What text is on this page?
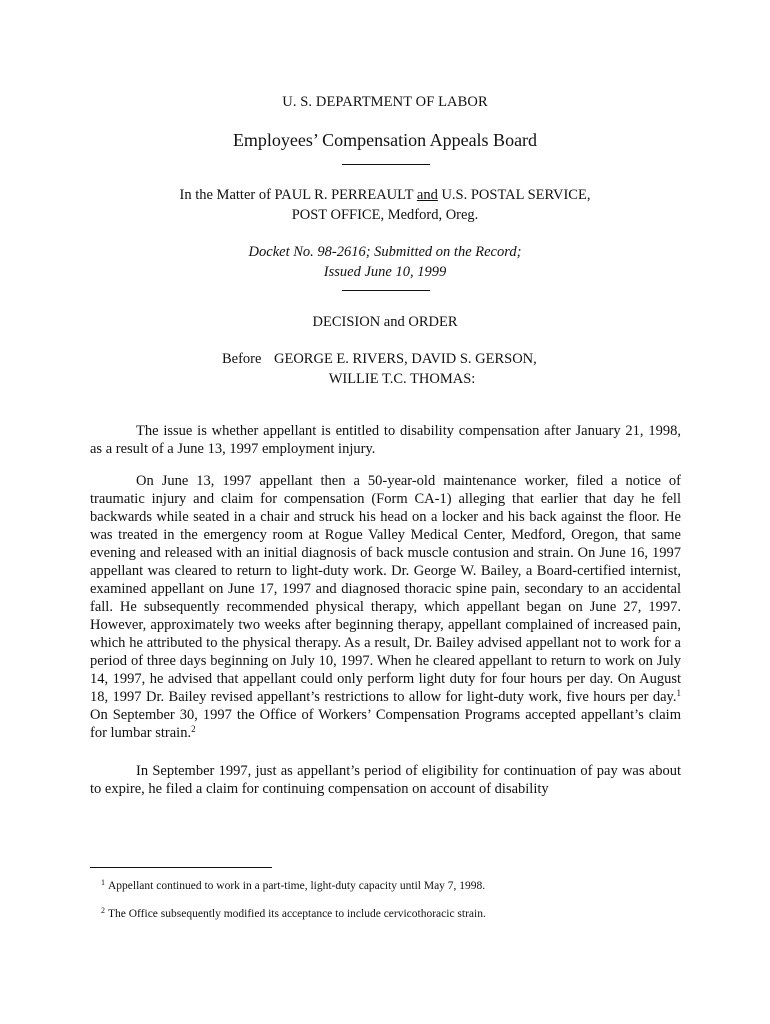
U. S. DEPARTMENT OF LABOR
Employees’ Compensation Appeals Board
In the Matter of PAUL R. PERREAULT and U.S. POSTAL SERVICE,
POST OFFICE, Medford, Oreg.
Docket No. 98-2616; Submitted on the Record;
Issued June 10, 1999
DECISION and ORDER
Before GEORGE E. RIVERS, DAVID S. GERSON,
WILLIE T.C. THOMAS:

The issue is whether appellant is entitled to disability compensation after January 21, 1998, as a result of a June 13, 1997 employment injury.

On June 13, 1997 appellant then a 50-year-old maintenance worker, filed a notice of traumatic injury and claim for compensation (Form CA-1) alleging that earlier that day he fell backwards while seated in a chair and struck his head on a locker and his back against the floor. He was treated in the emergency room at Rogue Valley Medical Center, Medford, Oregon, that same evening and released with an initial diagnosis of back muscle contusion and strain. On June 16, 1997 appellant was cleared to return to light-duty work. Dr. George W. Bailey, a Board-certified internist, examined appellant on June 17, 1997 and diagnosed thoracic spine pain, secondary to an accidental fall. He subsequently recommended physical therapy, which appellant began on June 27, 1997. However, approximately two weeks after beginning therapy, appellant complained of increased pain, which he attributed to the physical therapy. As a result, Dr. Bailey advised appellant not to work for a period of three days beginning on July 10, 1997. When he cleared appellant to return to work on July 14, 1997, he advised that appellant could only perform light duty for four hours per day. On August 18, 1997 Dr. Bailey revised appellant’s restrictions to allow for light-duty work, five hours per day.$^1$ On September 30, 1997 the Office of Workers’ Compensation Programs accepted appellant’s claim for lumbar strain.$^2$

In September 1997, just as appellant’s period of eligibility for continuation of pay was about to expire, he filed a claim for continuing compensation on account of disability

$^1$ Appellant continued to work in a part-time, light-duty capacity until May 7, 1998.
$^2$ The Office subsequently modified its acceptance to include cervicothoracic strain.
